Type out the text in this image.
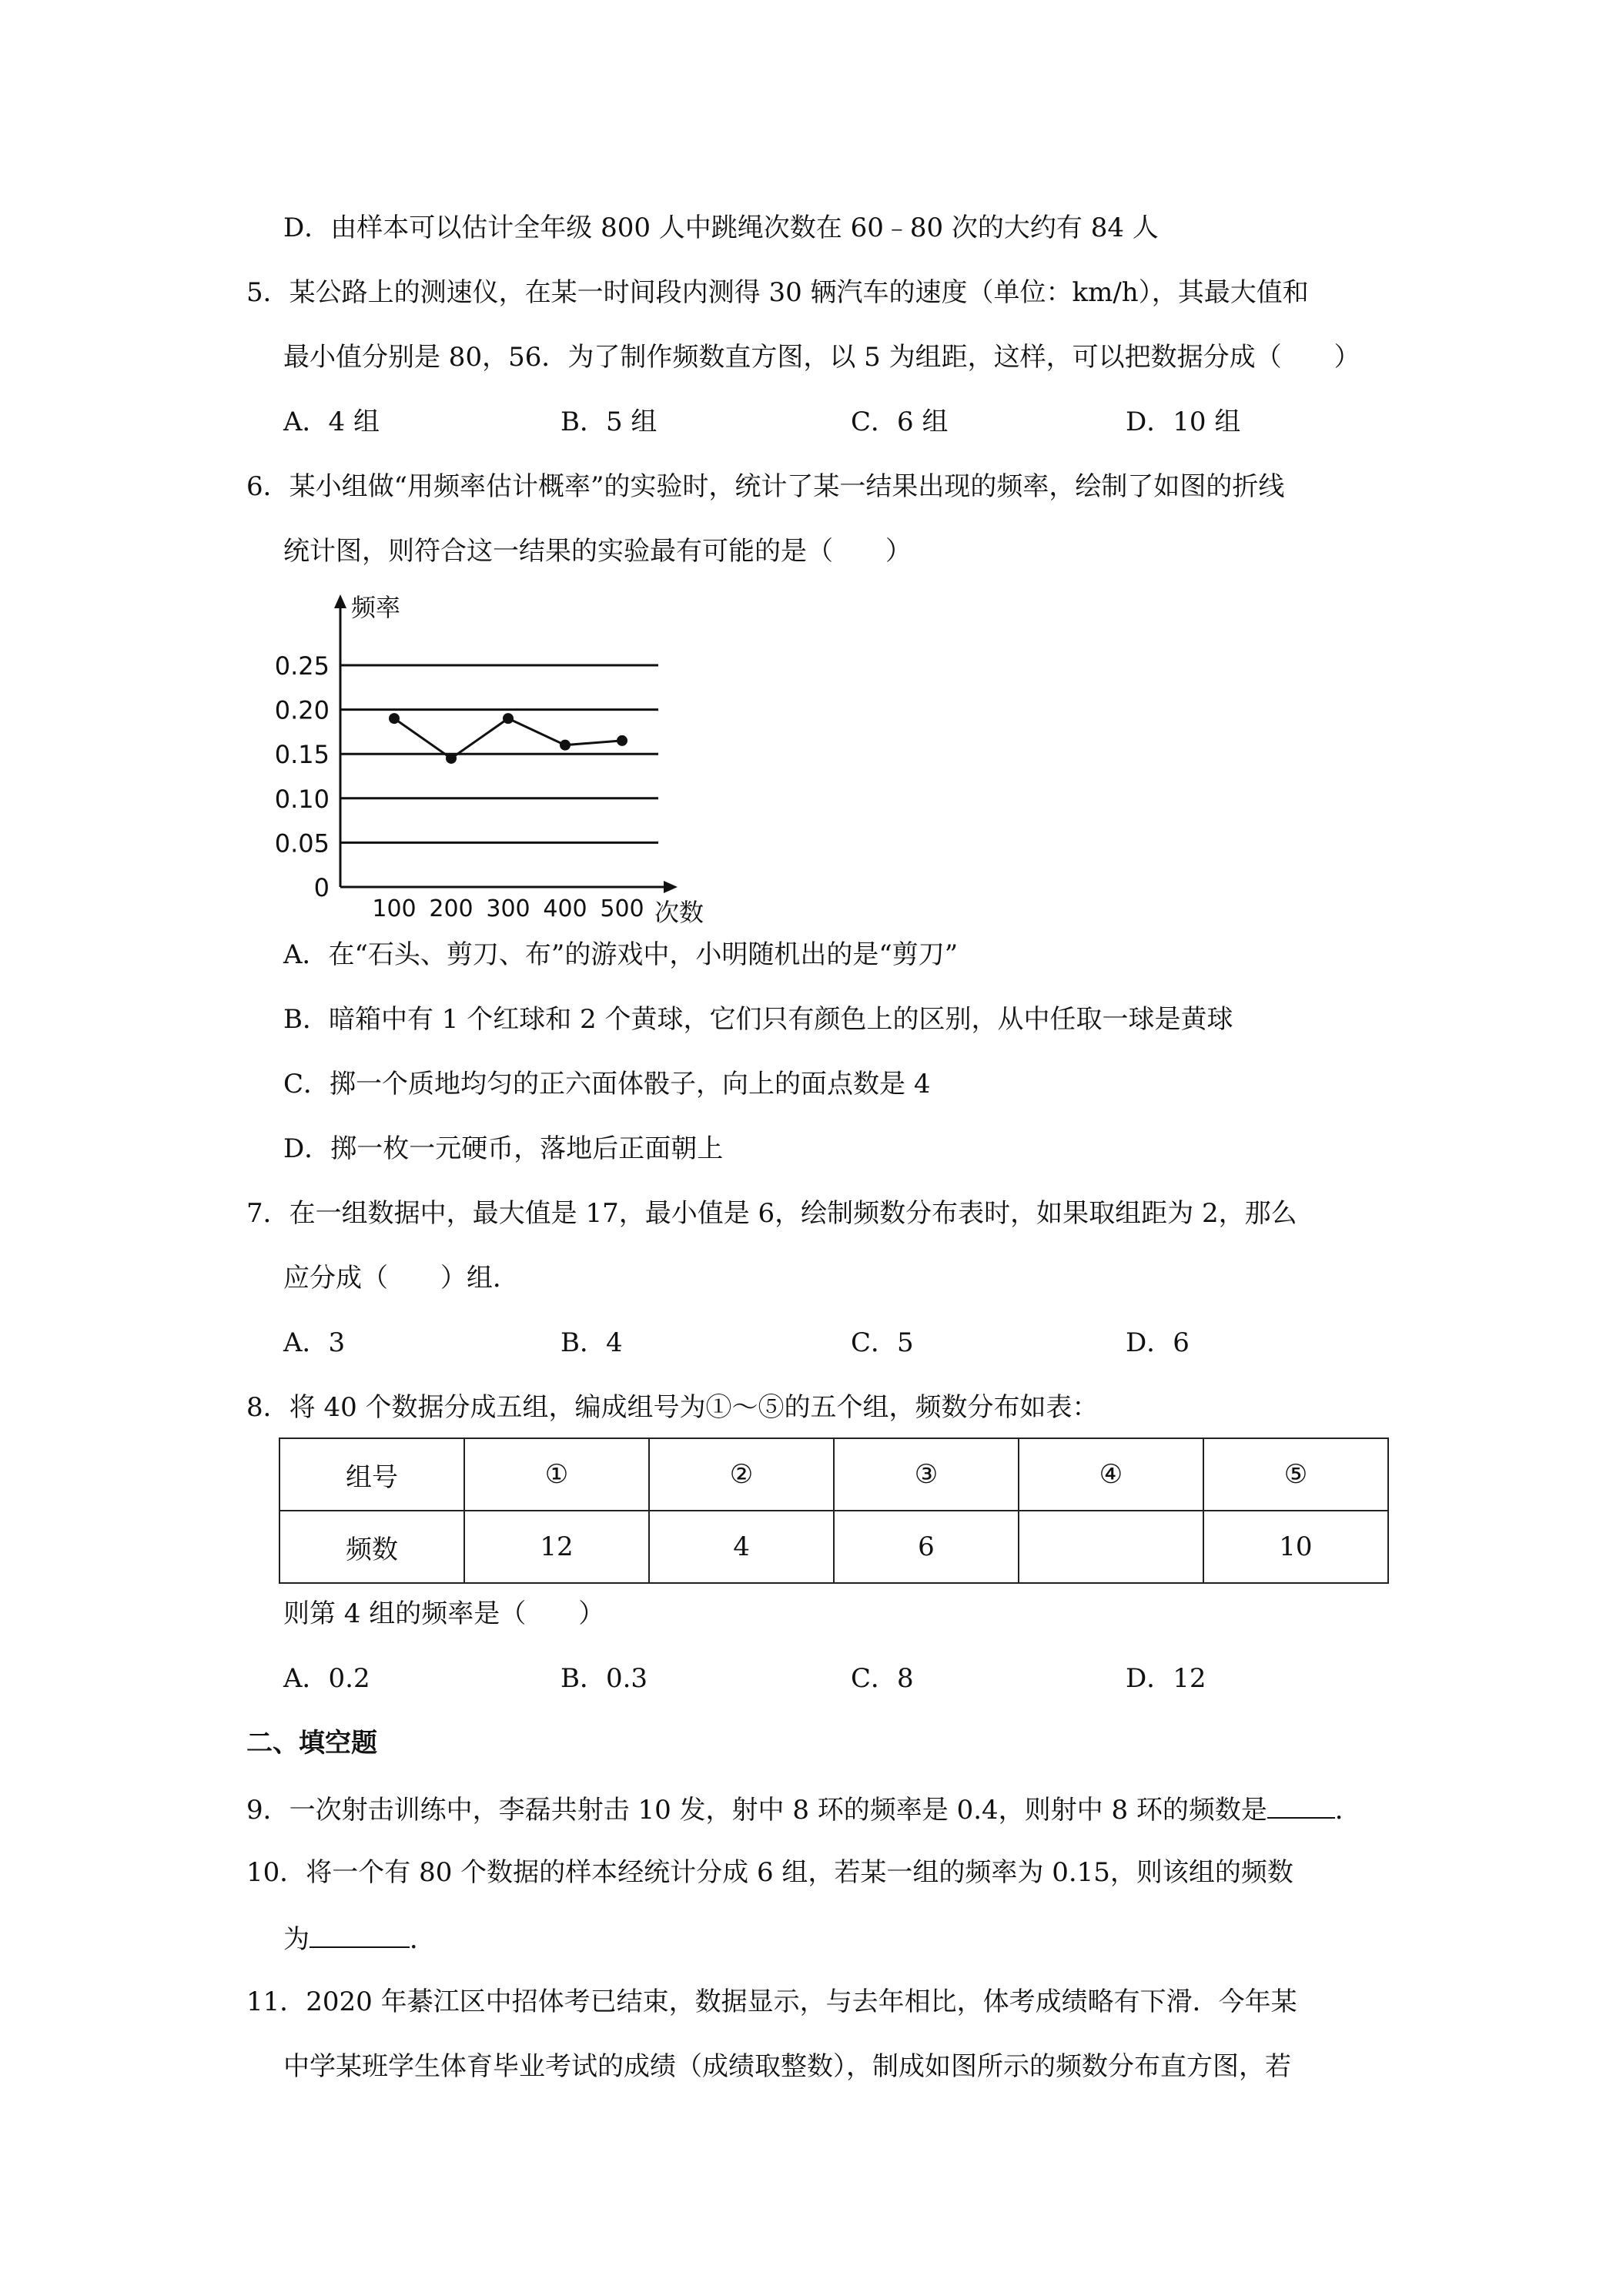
D．由样本可以估计全年级 800 人中跳绳次数在 60﹣80 次的大约有 84 人
5．某公路上的测速仪，在某一时间段内测得 30 辆汽车的速度（单位：km/h），其最大值和
最小值分别是 80，56．为了制作频数直方图，以 5 为组距，这样，可以把数据分成（　　）
A．4 组	B．5 组	C．6 组	D．10 组
6．某小组做“用频率估计概率”的实验时，统计了某一结果出现的频率，绘制了如图的折线
统计图，则符合这一结果的实验最有可能的是（　　）
频率
次数
0
0.05
0.10
0.15
0.20
0.25
100 200 300 400 500
A．在“石头、剪刀、布”的游戏中，小明随机出的是“剪刀”
B．暗箱中有 1 个红球和 2 个黄球，它们只有颜色上的区别，从中任取一球是黄球
C．掷一个质地均匀的正六面体骰子，向上的面点数是 4
D．掷一枚一元硬币，落地后正面朝上
7．在一组数据中，最大值是 17，最小值是 6，绘制频数分布表时，如果取组距为 2，那么
应分成（　　）组．
A．3	B．4	C．5	D．6
8．将 40 个数据分成五组，编成组号为①～⑤的五个组，频数分布如表：
组号	①	②	③	④	⑤
频数	12	4	6		10
则第 4 组的频率是（　　）
A．0.2	B．0.3	C．8	D．12
二、填空题
9．一次射击训练中，李磊共射击 10 发，射中 8 环的频率是 0.4，则射中 8 环的频数是	．
10．将一个有 80 个数据的样本经统计分成 6 组，若某一组的频率为 0.15，则该组的频数
为	．
11．2020 年綦江区中招体考已结束，数据显示，与去年相比，体考成绩略有下滑．今年某
中学某班学生体育毕业考试的成绩（成绩取整数），制成如图所示的频数分布直方图，若
